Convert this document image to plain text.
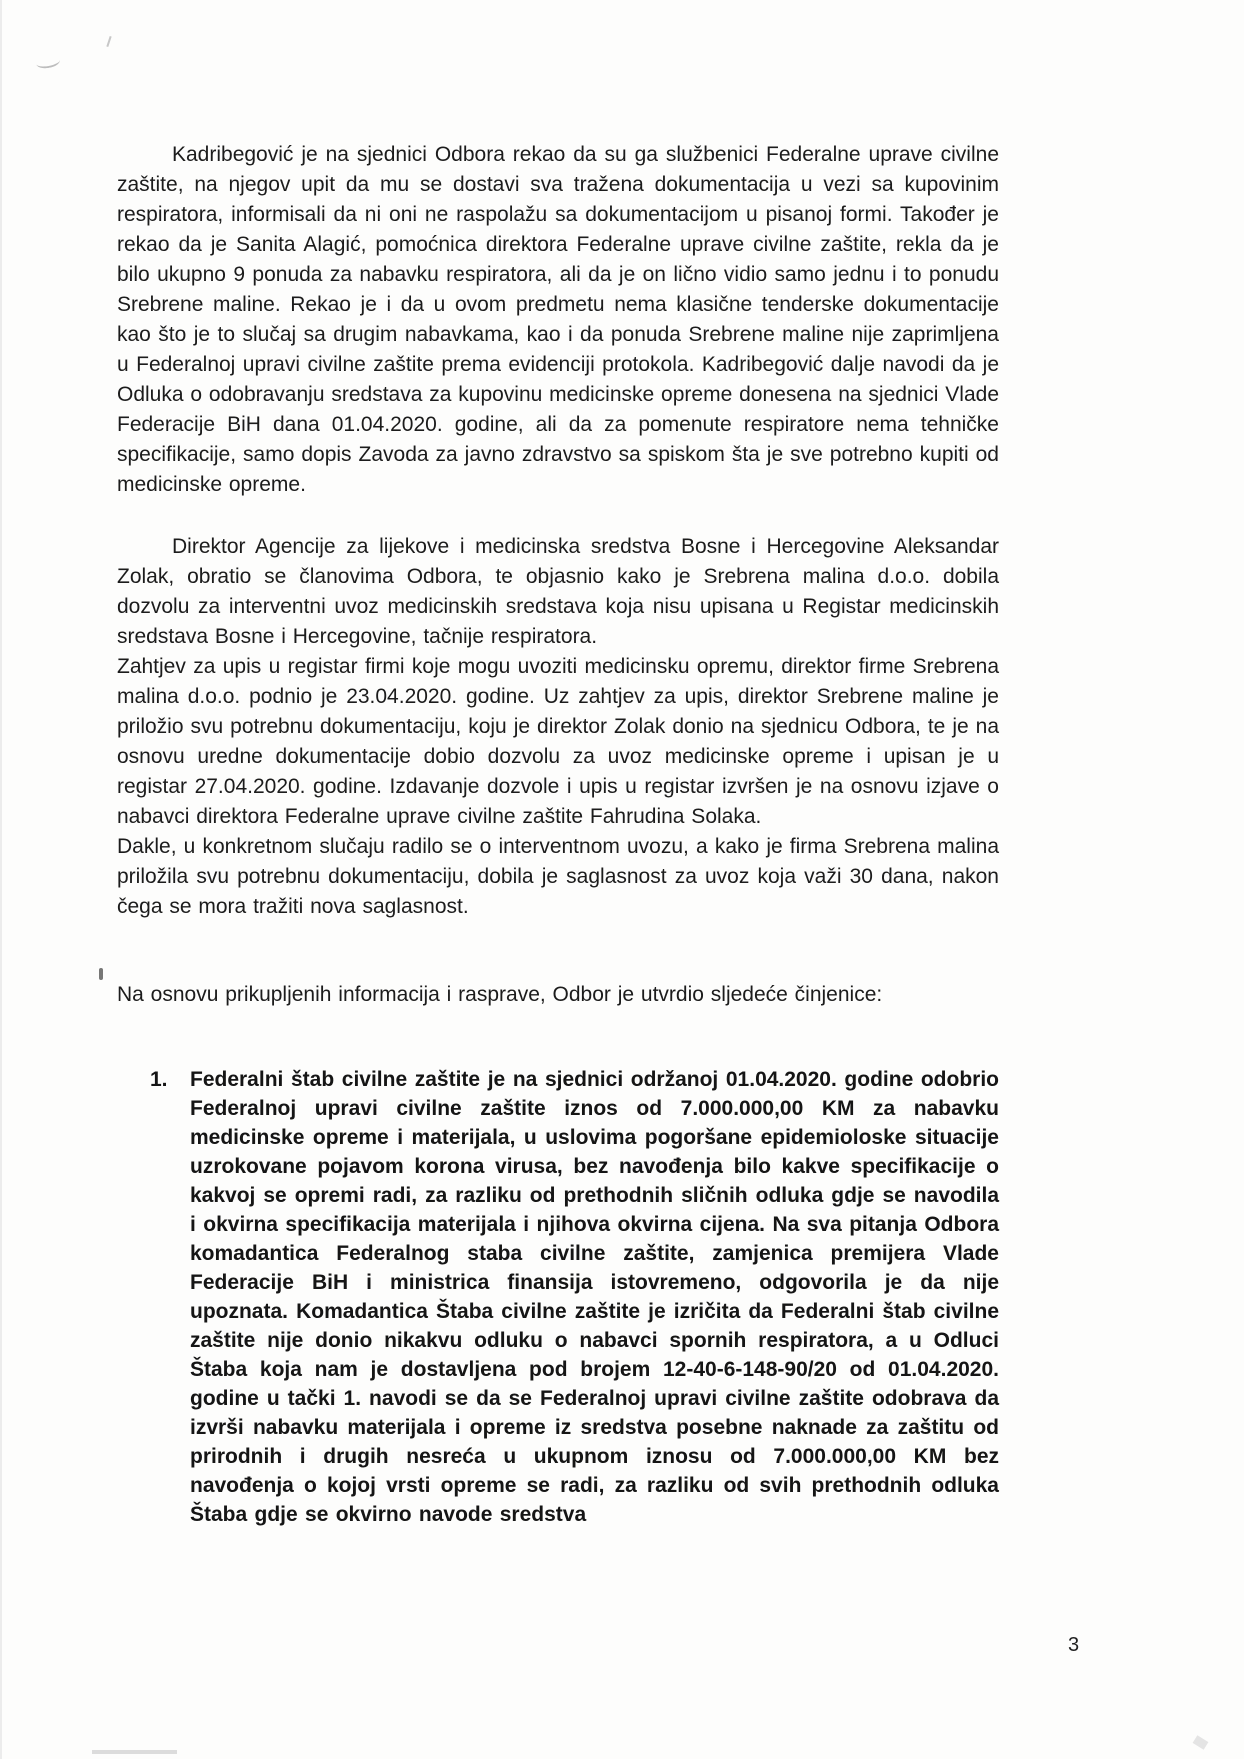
Kadribegović je na sjednici Odbora rekao da su ga službenici Federalne uprave civilne zaštite, na njegov upit da mu se dostavi sva tražena dokumentacija u vezi sa kupovinim respiratora, informisali da ni oni ne raspolažu sa dokumentacijom u pisanoj formi. Također je rekao da je Sanita Alagić, pomoćnica direktora Federalne uprave civilne zaštite, rekla da je bilo ukupno 9 ponuda za nabavku respiratora, ali da je on lično vidio samo jednu i to ponudu Srebrene maline. Rekao je i da u ovom predmetu nema klasične tenderske dokumentacije kao što je to slučaj sa drugim nabavkama, kao i da ponuda Srebrene maline nije zaprimljena u Federalnoj upravi civilne zaštite prema evidenciji protokola. Kadribegović dalje navodi da je Odluka o odobravanju sredstava za kupovinu medicinske opreme donesena na sjednici Vlade Federacije BiH dana 01.04.2020. godine, ali da za pomenute respiratore nema tehničke specifikacije, samo dopis Zavoda za javno zdravstvo sa spiskom šta je sve potrebno kupiti od medicinske opreme.

Direktor Agencije za lijekove i medicinska sredstva Bosne i Hercegovine Aleksandar Zolak, obratio se članovima Odbora, te objasnio kako je Srebrena malina d.o.o. dobila dozvolu za interventni uvoz medicinskih sredstava koja nisu upisana u Registar medicinskih sredstava Bosne i Hercegovine, tačnije respiratora.

Zahtjev za upis u registar firmi koje mogu uvoziti medicinsku opremu, direktor firme Srebrena malina d.o.o. podnio je 23.04.2020. godine. Uz zahtjev za upis, direktor Srebrene maline je priložio svu potrebnu dokumentaciju, koju je direktor Zolak donio na sjednicu Odbora, te je na osnovu uredne dokumentacije dobio dozvolu za uvoz medicinske opreme i upisan je u registar 27.04.2020. godine. Izdavanje dozvole i upis u registar izvršen je na osnovu izjave o nabavci direktora Federalne uprave civilne zaštite Fahrudina Solaka.

Dakle, u konkretnom slučaju radilo se o interventnom uvozu, a kako je firma Srebrena malina priložila svu potrebnu dokumentaciju, dobila je saglasnost za uvoz koja važi 30 dana, nakon čega se mora tražiti nova saglasnost.

Na osnovu prikupljenih informacija i rasprave, Odbor je utvrdio sljedeće činjenice:

1.	Federalni štab civilne zaštite je na sjednici održanoj 01.04.2020. godine odobrio Federalnoj upravi civilne zaštite iznos od 7.000.000,00 KM za nabavku medicinske opreme i materijala, u uslovima pogoršane epidemioloske situacije uzrokovane pojavom korona virusa, bez navođenja bilo kakve specifikacije o kakvoj se opremi radi, za razliku od prethodnih sličnih odluka gdje se navodila i okvirna specifikacija materijala i njihova okvirna cijena. Na sva pitanja Odbora komadantica Federalnog staba civilne zaštite, zamjenica premijera Vlade Federacije BiH i ministrica finansija istovremeno, odgovorila je da nije upoznata. Komadantica Štaba civilne zaštite je izričita da Federalni štab civilne zaštite nije donio nikakvu odluku o nabavci spornih respiratora, a u Odluci Štaba koja nam je dostavljena pod brojem 12-40-6-148-90/20 od 01.04.2020. godine u tački 1. navodi se da se Federalnoj upravi civilne zaštite odobrava da izvrši nabavku materijala i opreme iz sredstva posebne naknade za zaštitu od prirodnih i drugih nesreća u ukupnom iznosu od 7.000.000,00 KM bez navođenja o kojoj vrsti opreme se radi, za razliku od svih prethodnih odluka Štaba gdje se okvirno navode sredstva
3
